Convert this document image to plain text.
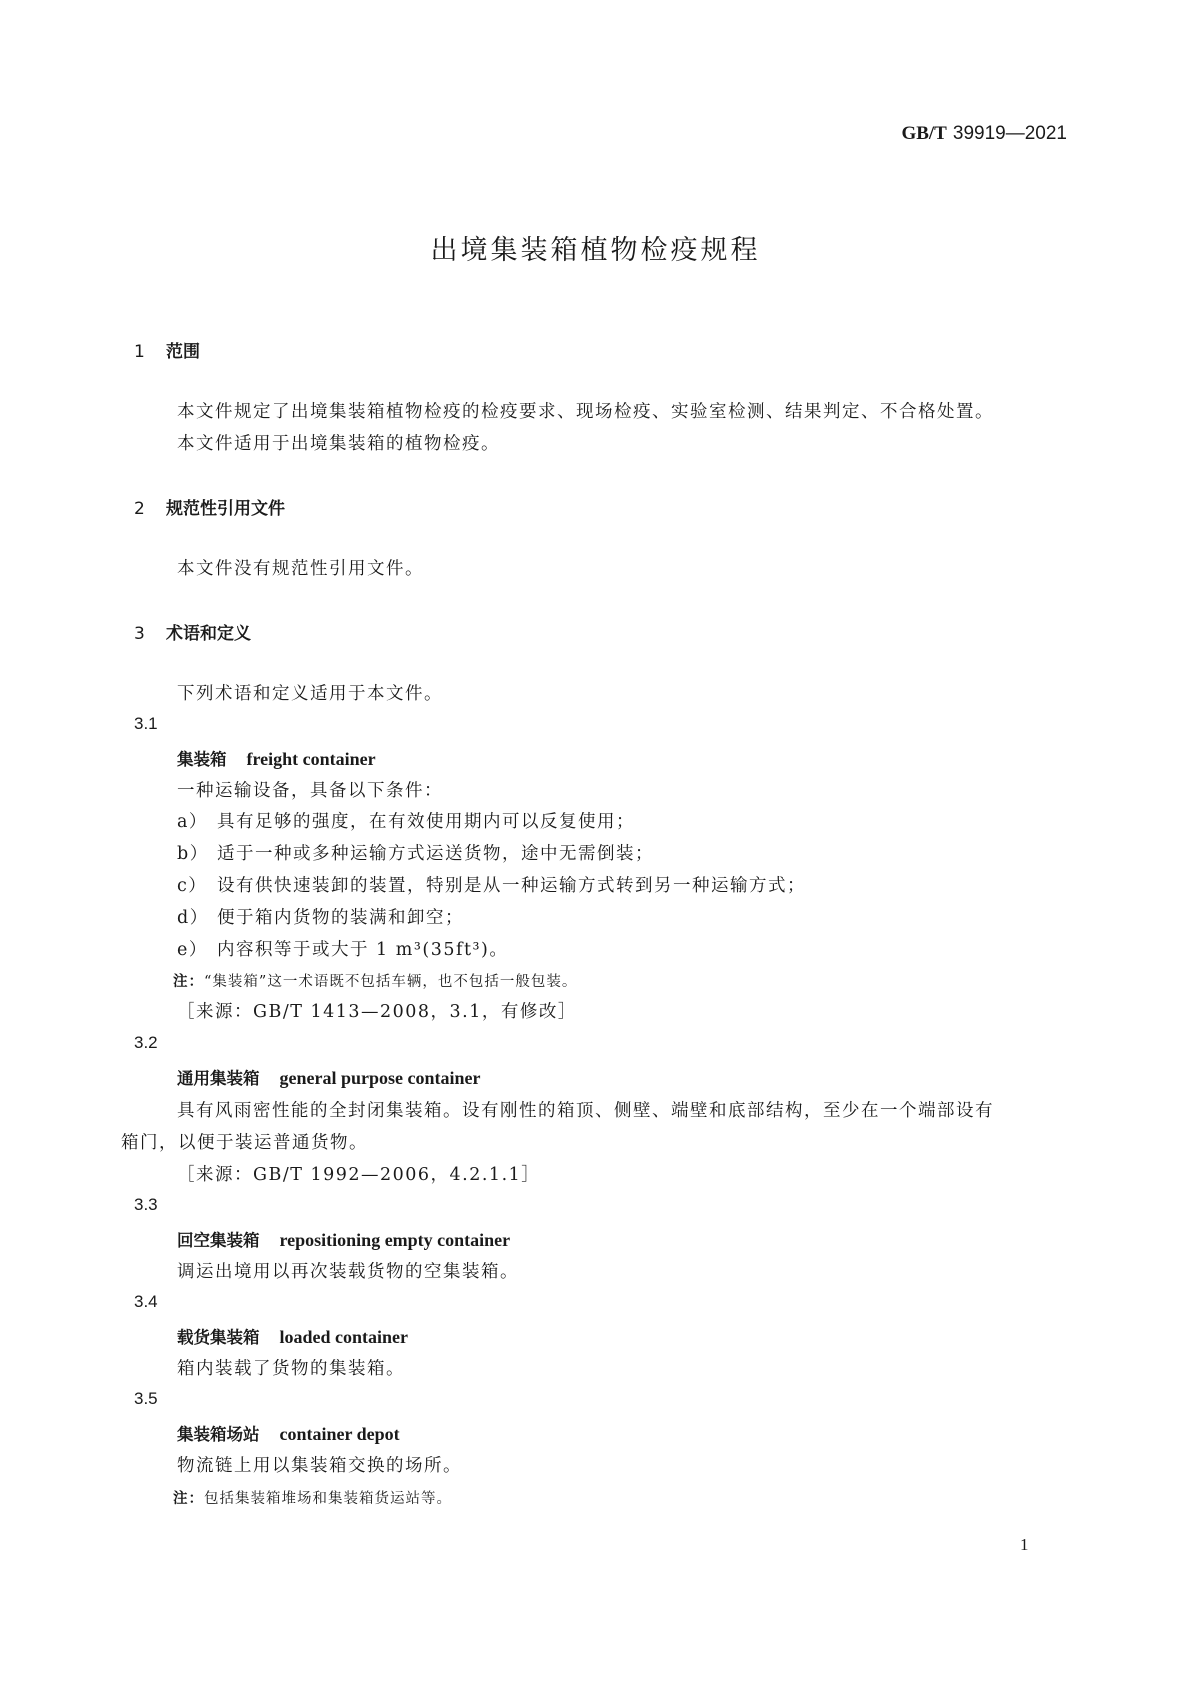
GB/T 39919—2021
出境集装箱植物检疫规程
1 范围
本文件规定了出境集装箱植物检疫的检疫要求、现场检疫、实验室检测、结果判定、不合格处置。
本文件适用于出境集装箱的植物检疫。
2 规范性引用文件
本文件没有规范性引用文件。
3 术语和定义
下列术语和定义适用于本文件。
3.1
集装箱 freight container
一种运输设备，具备以下条件：
a） 具有足够的强度，在有效使用期内可以反复使用；
b） 适于一种或多种运输方式运送货物，途中无需倒装；
c） 设有供快速装卸的装置，特别是从一种运输方式转到另一种运输方式；
d） 便于箱内货物的装满和卸空；
e） 内容积等于或大于 1 m³(35ft³)。
注：“集装箱”这一术语既不包括车辆，也不包括一般包装。
［来源：GB/T 1413—2008，3.1，有修改］
3.2
通用集装箱 general purpose container
具有风雨密性能的全封闭集装箱。设有刚性的箱顶、侧壁、端壁和底部结构，至少在一个端部设有
箱门，以便于装运普通货物。
［来源：GB/T 1992—2006，4.2.1.1］
3.3
回空集装箱 repositioning empty container
调运出境用以再次装载货物的空集装箱。
3.4
载货集装箱 loaded container
箱内装载了货物的集装箱。
3.5
集装箱场站 container depot
物流链上用以集装箱交换的场所。
注：包括集装箱堆场和集装箱货运站等。
1
